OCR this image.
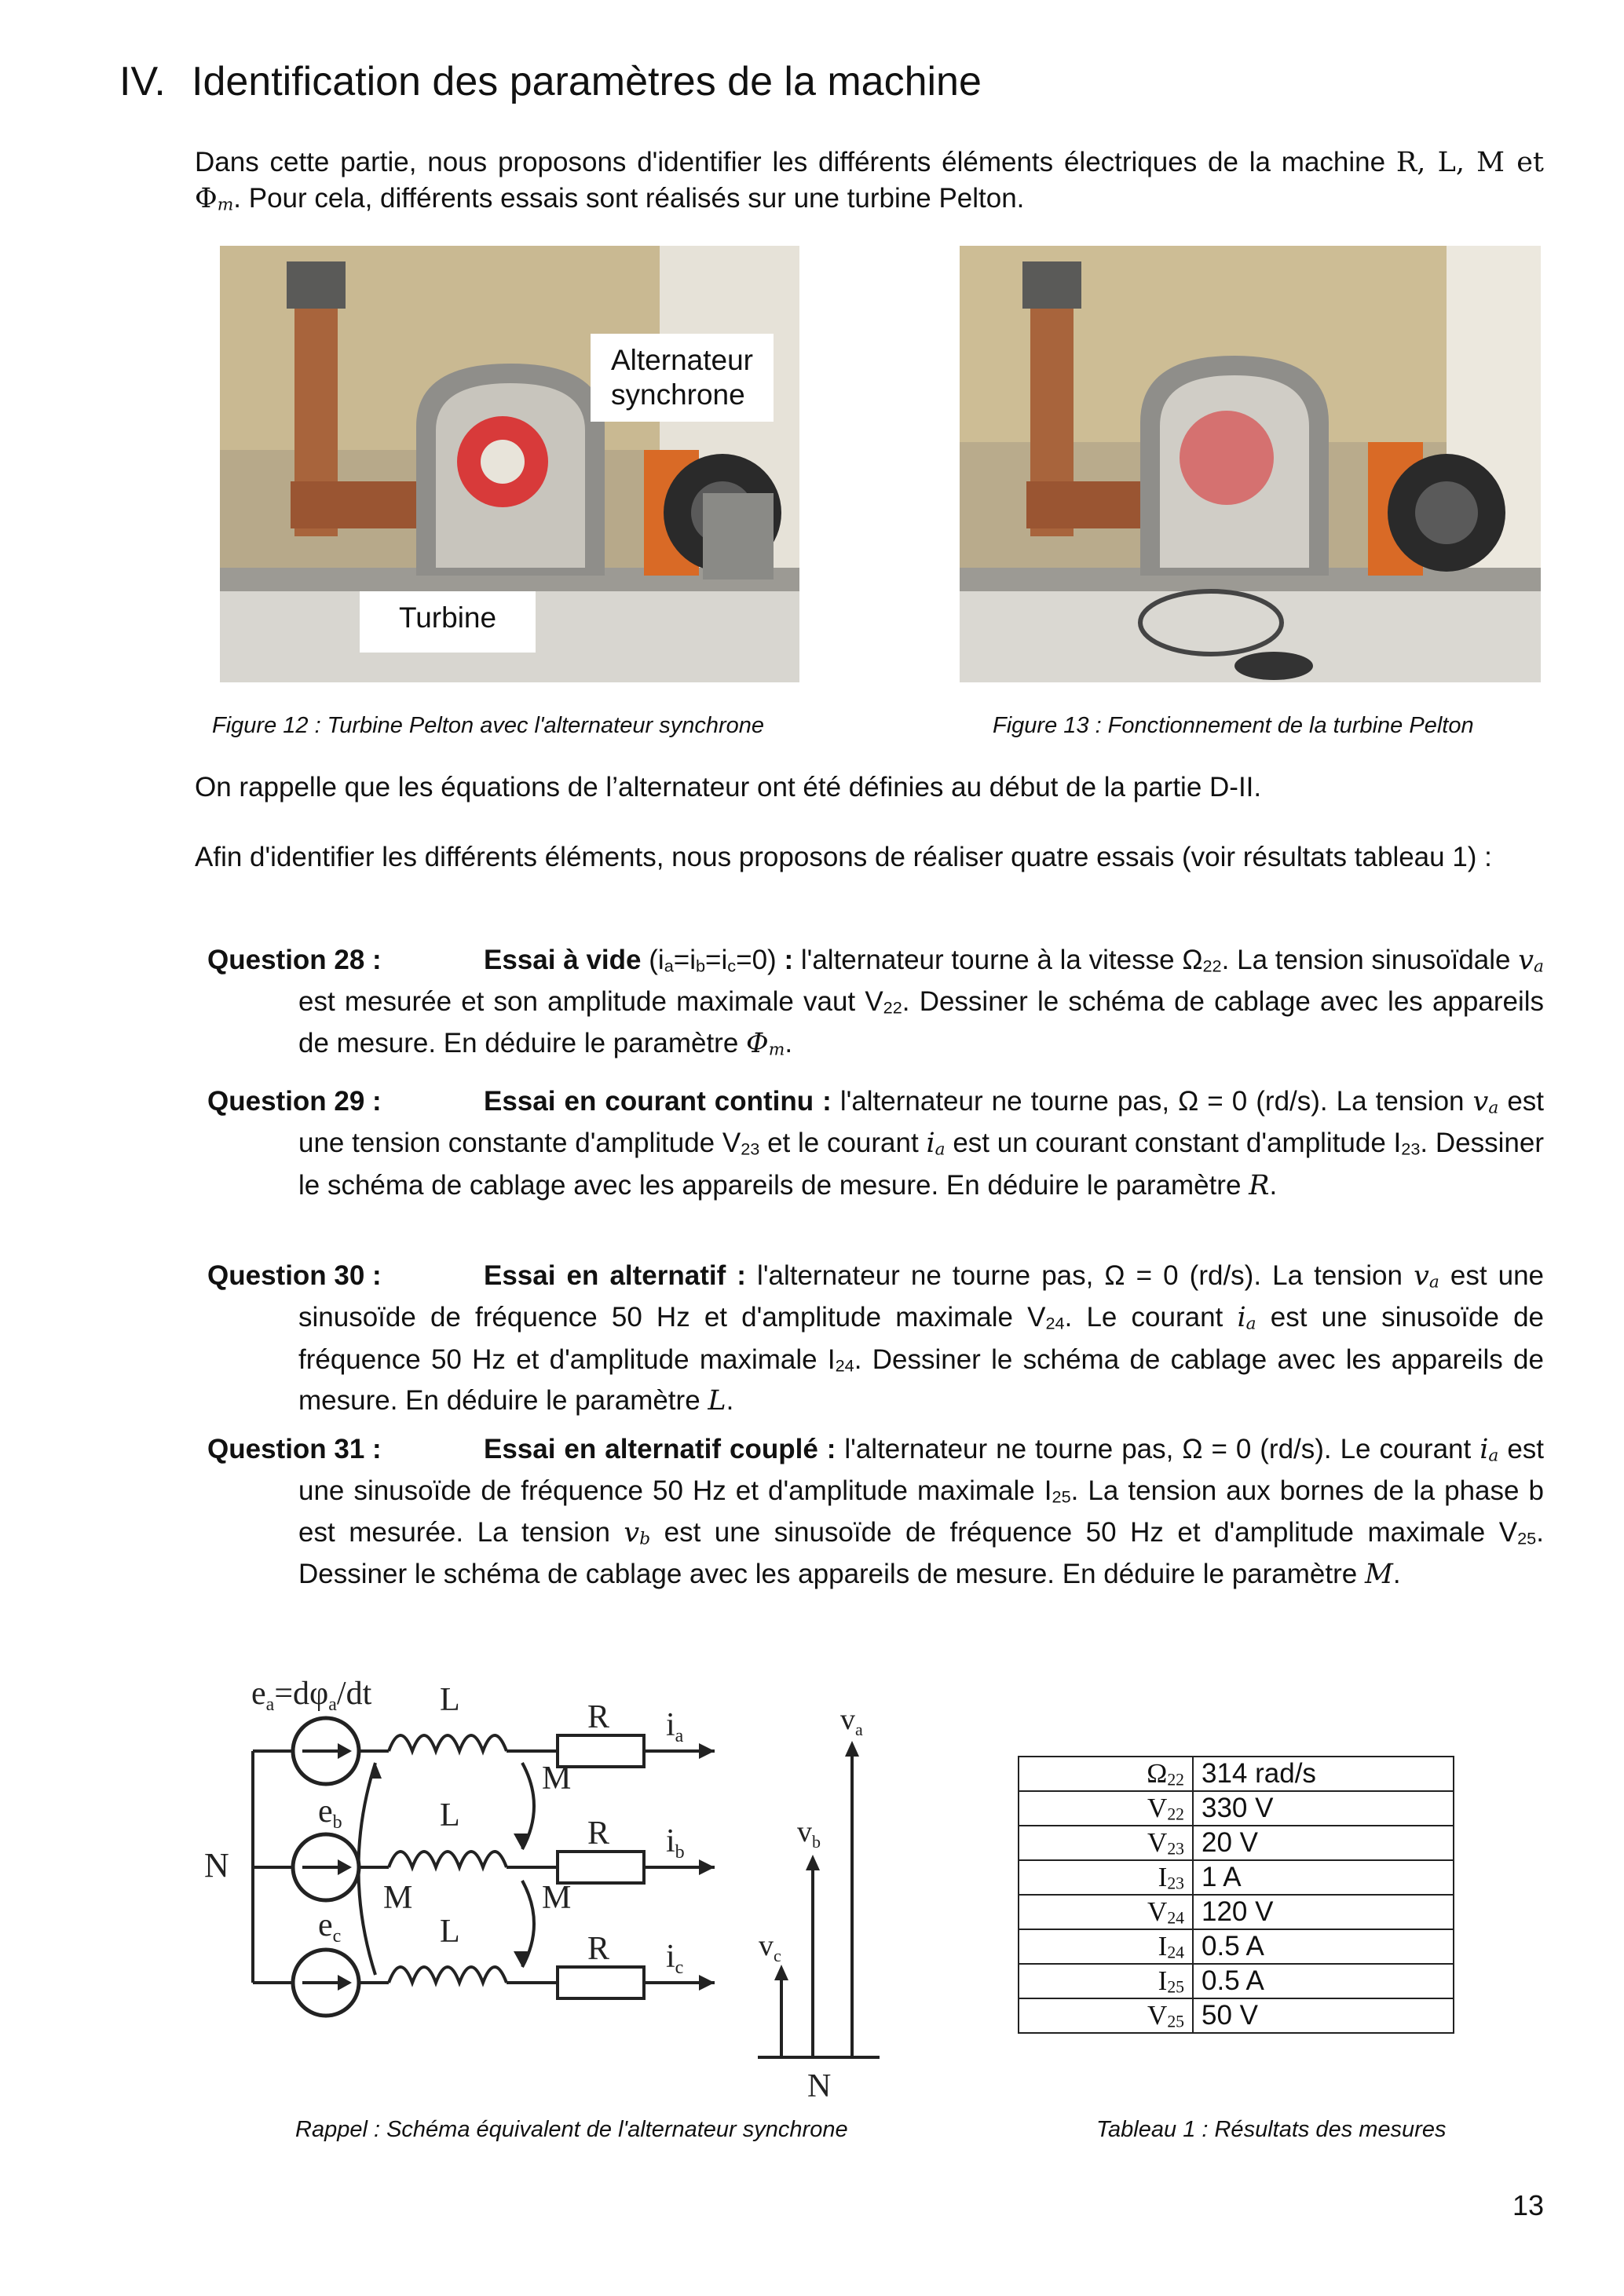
IV. Identification des paramètres de la machine
Dans cette partie, nous proposons d'identifier les différents éléments électriques de la machine R, L, M et $\Phi_m$. Pour cela, différents essais sont réalisés sur une turbine Pelton.
Alternateur
synchrone
Turbine
Figure 12 : Turbine Pelton avec l'alternateur synchrone	Figure 13 : Fonctionnement de la turbine Pelton
On rappelle que les équations de l’alternateur ont été définies au début de la partie D-II.
Afin d'identifier les différents éléments, nous proposons de réaliser quatre essais (voir résultats tableau 1) :

Question 28 :	Essai à vide $(i_a=i_b=i_c=0)$ : l'alternateur tourne à la vitesse $\Omega_{22}$. La tension sinusoïdale $v_a$ est mesurée et son amplitude maximale vaut $V_{22}$. Dessiner le schéma de cablage avec les appareils de mesure. En déduire le paramètre $\Phi_m$.

Question 29 :	Essai en courant continu : l'alternateur ne tourne pas, Ω = 0 (rd/s). La tension $v_a$ est une tension constante d'amplitude $V_{23}$ et le courant $i_a$ est un courant constant d'amplitude $I_{23}$. Dessiner le schéma de cablage avec les appareils de mesure. En déduire le paramètre R.

Question 30 :	Essai en alternatif : l'alternateur ne tourne pas, Ω = 0 (rd/s). La tension $v_a$ est une sinusoïde de fréquence 50 Hz et d'amplitude maximale $V_{24}$. Le courant $i_a$ est une sinusoïde de fréquence 50 Hz et d'amplitude maximale $I_{24}$. Dessiner le schéma de cablage avec les appareils de mesure. En déduire le paramètre L.

Question 31 :	Essai en alternatif couplé : l'alternateur ne tourne pas, Ω = 0 (rd/s). Le courant $i_a$ est une sinusoïde de fréquence 50 Hz et d'amplitude maximale $I_{25}$. La tension aux bornes de la phase b est mesurée. La tension $v_b$ est une sinusoïde de fréquence 50 Hz et d'amplitude maximale $V_{25}$. Dessiner le schéma de cablage avec les appareils de mesure. En déduire le paramètre M.

ea=dφa/dt
N
L	R ia
eb	L	R ib
ec	L	R ic
M
M
M
$v_c$
$v_b$
$v_a$
N
Rappel : Schéma équivalent de l'alternateur synchrone
$\Omega_{22}$	314 rad/s
$V_{22}$	330 V
$V_{23}$	20 V
$I_{23}$	1 A
$V_{24}$	120 V
$I_{24}$	0.5 A
$I_{25}$	0.5 A
$V_{25}$	50 V
Tableau 1 : Résultats des mesures
13
